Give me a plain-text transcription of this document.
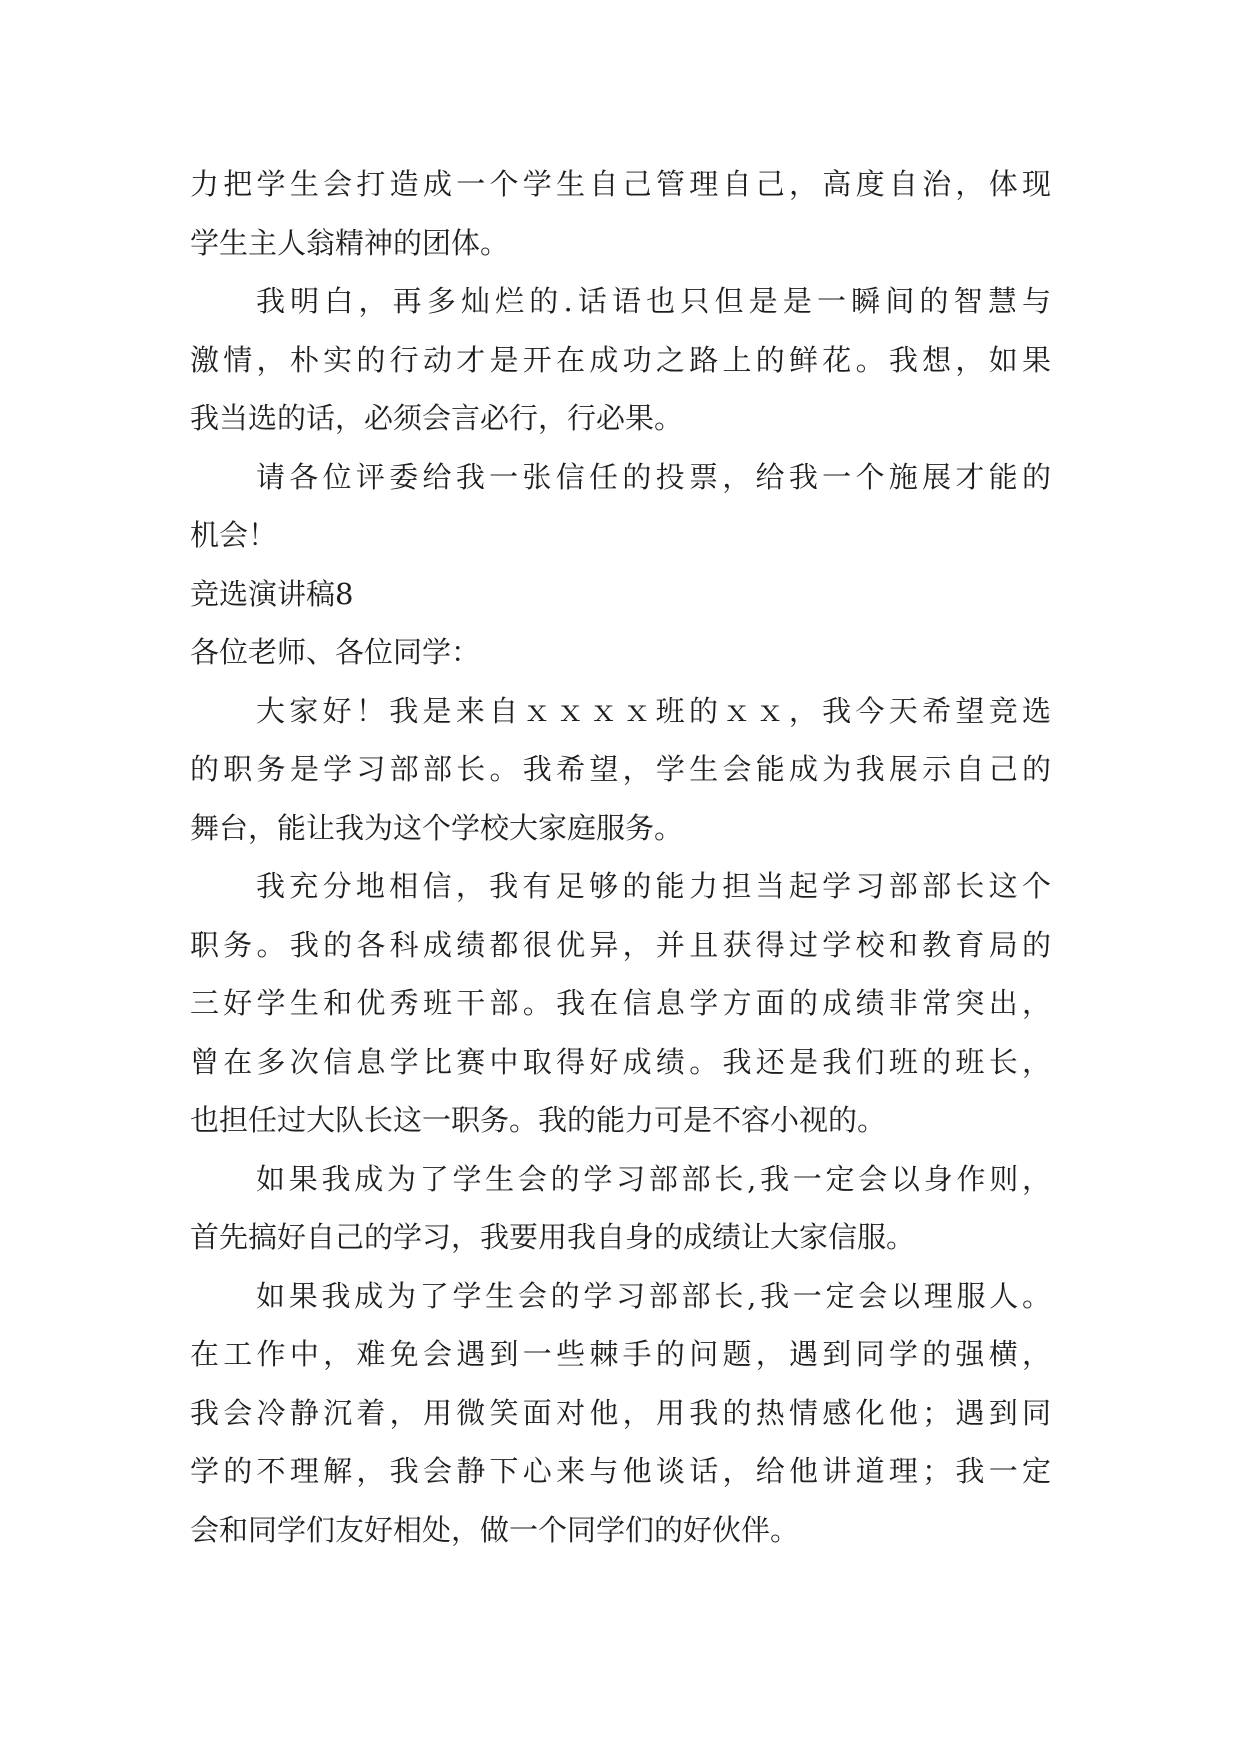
力把学生会打造成一个学生自己管理自己，高度自治，体现
学生主人翁精神的团体。
我明白，再多灿烂的.话语也只但是是一瞬间的智慧与
激情，朴实的行动才是开在成功之路上的鲜花。我想，如果
我当选的话，必须会言必行，行必果。
请各位评委给我一张信任的投票，给我一个施展才能的
机会！
竞选演讲稿8
各位老师、各位同学：
大家好！我是来自ｘｘｘｘ班的ｘｘ，我今天希望竞选
的职务是学习部部长。我希望，学生会能成为我展示自己的
舞台，能让我为这个学校大家庭服务。
我充分地相信，我有足够的能力担当起学习部部长这个
职务。我的各科成绩都很优异，并且获得过学校和教育局的
三好学生和优秀班干部。我在信息学方面的成绩非常突出，
曾在多次信息学比赛中取得好成绩。我还是我们班的班长，
也担任过大队长这一职务。我的能力可是不容小视的。
如果我成为了学生会的学习部部长,我一定会以身作则，
首先搞好自己的学习，我要用我自身的成绩让大家信服。
如果我成为了学生会的学习部部长,我一定会以理服人。
在工作中，难免会遇到一些棘手的问题，遇到同学的强横，
我会冷静沉着，用微笑面对他，用我的热情感化他；遇到同
学的不理解，我会静下心来与他谈话，给他讲道理；我一定
会和同学们友好相处，做一个同学们的好伙伴。
